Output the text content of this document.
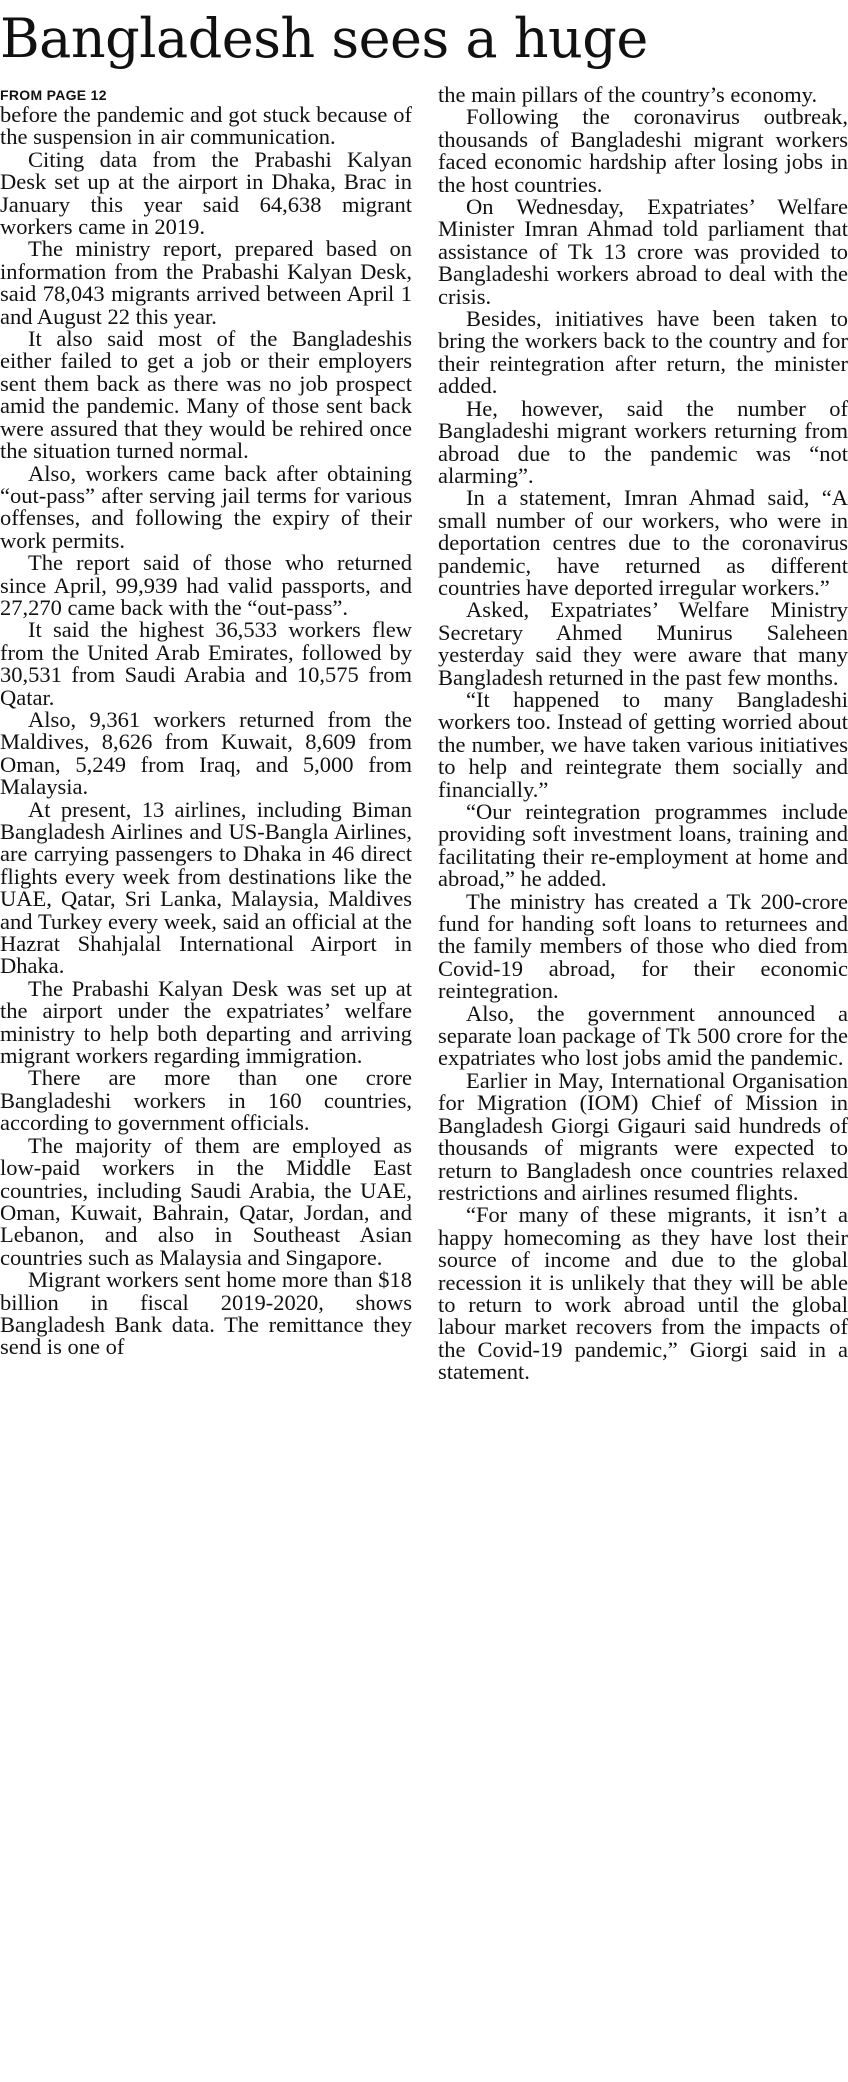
Bangladesh sees a huge
FROM PAGE 12

before the pandemic and got stuck because of the suspension in air communication.

Citing data from the Prabashi Kalyan Desk set up at the airport in Dhaka, Brac in January this year said 64,638 migrant workers came in 2019.

The ministry report, prepared based on information from the Prabashi Kalyan Desk, said 78,043 migrants arrived between April 1 and August 22 this year.

It also said most of the Bangladeshis either failed to get a job or their employers sent them back as there was no job prospect amid the pandemic. Many of those sent back were assured that they would be rehired once the situation turned normal.

Also, workers came back after obtaining “out-pass” after serving jail terms for various offenses, and following the expiry of their work permits.

The report said of those who returned since April, 99,939 had valid passports, and 27,270 came back with the “out-pass”.

It said the highest 36,533 workers flew from the United Arab Emirates, followed by 30,531 from Saudi Arabia and 10,575 from Qatar.

Also, 9,361 workers returned from the Maldives, 8,626 from Kuwait, 8,609 from Oman, 5,249 from Iraq, and 5,000 from Malaysia.

At present, 13 airlines, including Biman Bangladesh Airlines and US-Bangla Airlines, are carrying passengers to Dhaka in 46 direct flights every week from destinations like the UAE, Qatar, Sri Lanka, Malaysia, Maldives and Turkey every week, said an official at the Hazrat Shahjalal International Airport in Dhaka.

The Prabashi Kalyan Desk was set up at the airport under the expatriates’ welfare ministry to help both departing and arriving migrant workers regarding immigration.

There are more than one crore Bangladeshi workers in 160 countries, according to government officials.

The majority of them are employed as low-paid workers in the Middle East countries, including Saudi Arabia, the UAE, Oman, Kuwait, Bahrain, Qatar, Jordan, and Lebanon, and also in Southeast Asian countries such as Malaysia and Singapore.

Migrant workers sent home more than $18 billion in fiscal 2019-2020, shows Bangladesh Bank data. The remittance they send is one of

the main pillars of the country’s economy.

Following the coronavirus outbreak, thousands of Bangladeshi migrant workers faced economic hardship after losing jobs in the host countries.

On Wednesday, Expatriates’ Welfare Minister Imran Ahmad told parliament that assistance of Tk 13 crore was provided to Bangladeshi workers abroad to deal with the crisis.

Besides, initiatives have been taken to bring the workers back to the country and for their reintegration after return, the minister added.

He, however, said the number of Bangladeshi migrant workers returning from abroad due to the pandemic was “not alarming”.

In a statement, Imran Ahmad said, “A small number of our workers, who were in deportation centres due to the coronavirus pandemic, have returned as different countries have deported irregular workers.”

Asked, Expatriates’ Welfare Ministry Secretary Ahmed Munirus Saleheen yesterday said they were aware that many Bangladesh returned in the past few months.

“It happened to many Bangladeshi workers too. Instead of getting worried about the number, we have taken various initiatives to help and reintegrate them socially and financially.”

“Our reintegration programmes include providing soft investment loans, training and facilitating their re-employment at home and abroad,” he added.

The ministry has created a Tk 200-crore fund for handing soft loans to returnees and the family members of those who died from Covid-19 abroad, for their economic reintegration.

Also, the government announced a separate loan package of Tk 500 crore for the expatriates who lost jobs amid the pandemic.

Earlier in May, International Organisation for Migration (IOM) Chief of Mission in Bangladesh Giorgi Gigauri said hundreds of thousands of migrants were expected to return to Bangladesh once countries relaxed restrictions and airlines resumed flights.

“For many of these migrants, it isn’t a happy homecoming as they have lost their source of income and due to the global recession it is unlikely that they will be able to return to work abroad until the global labour market recovers from the impacts of the Covid-19 pandemic,” Giorgi said in a statement.
